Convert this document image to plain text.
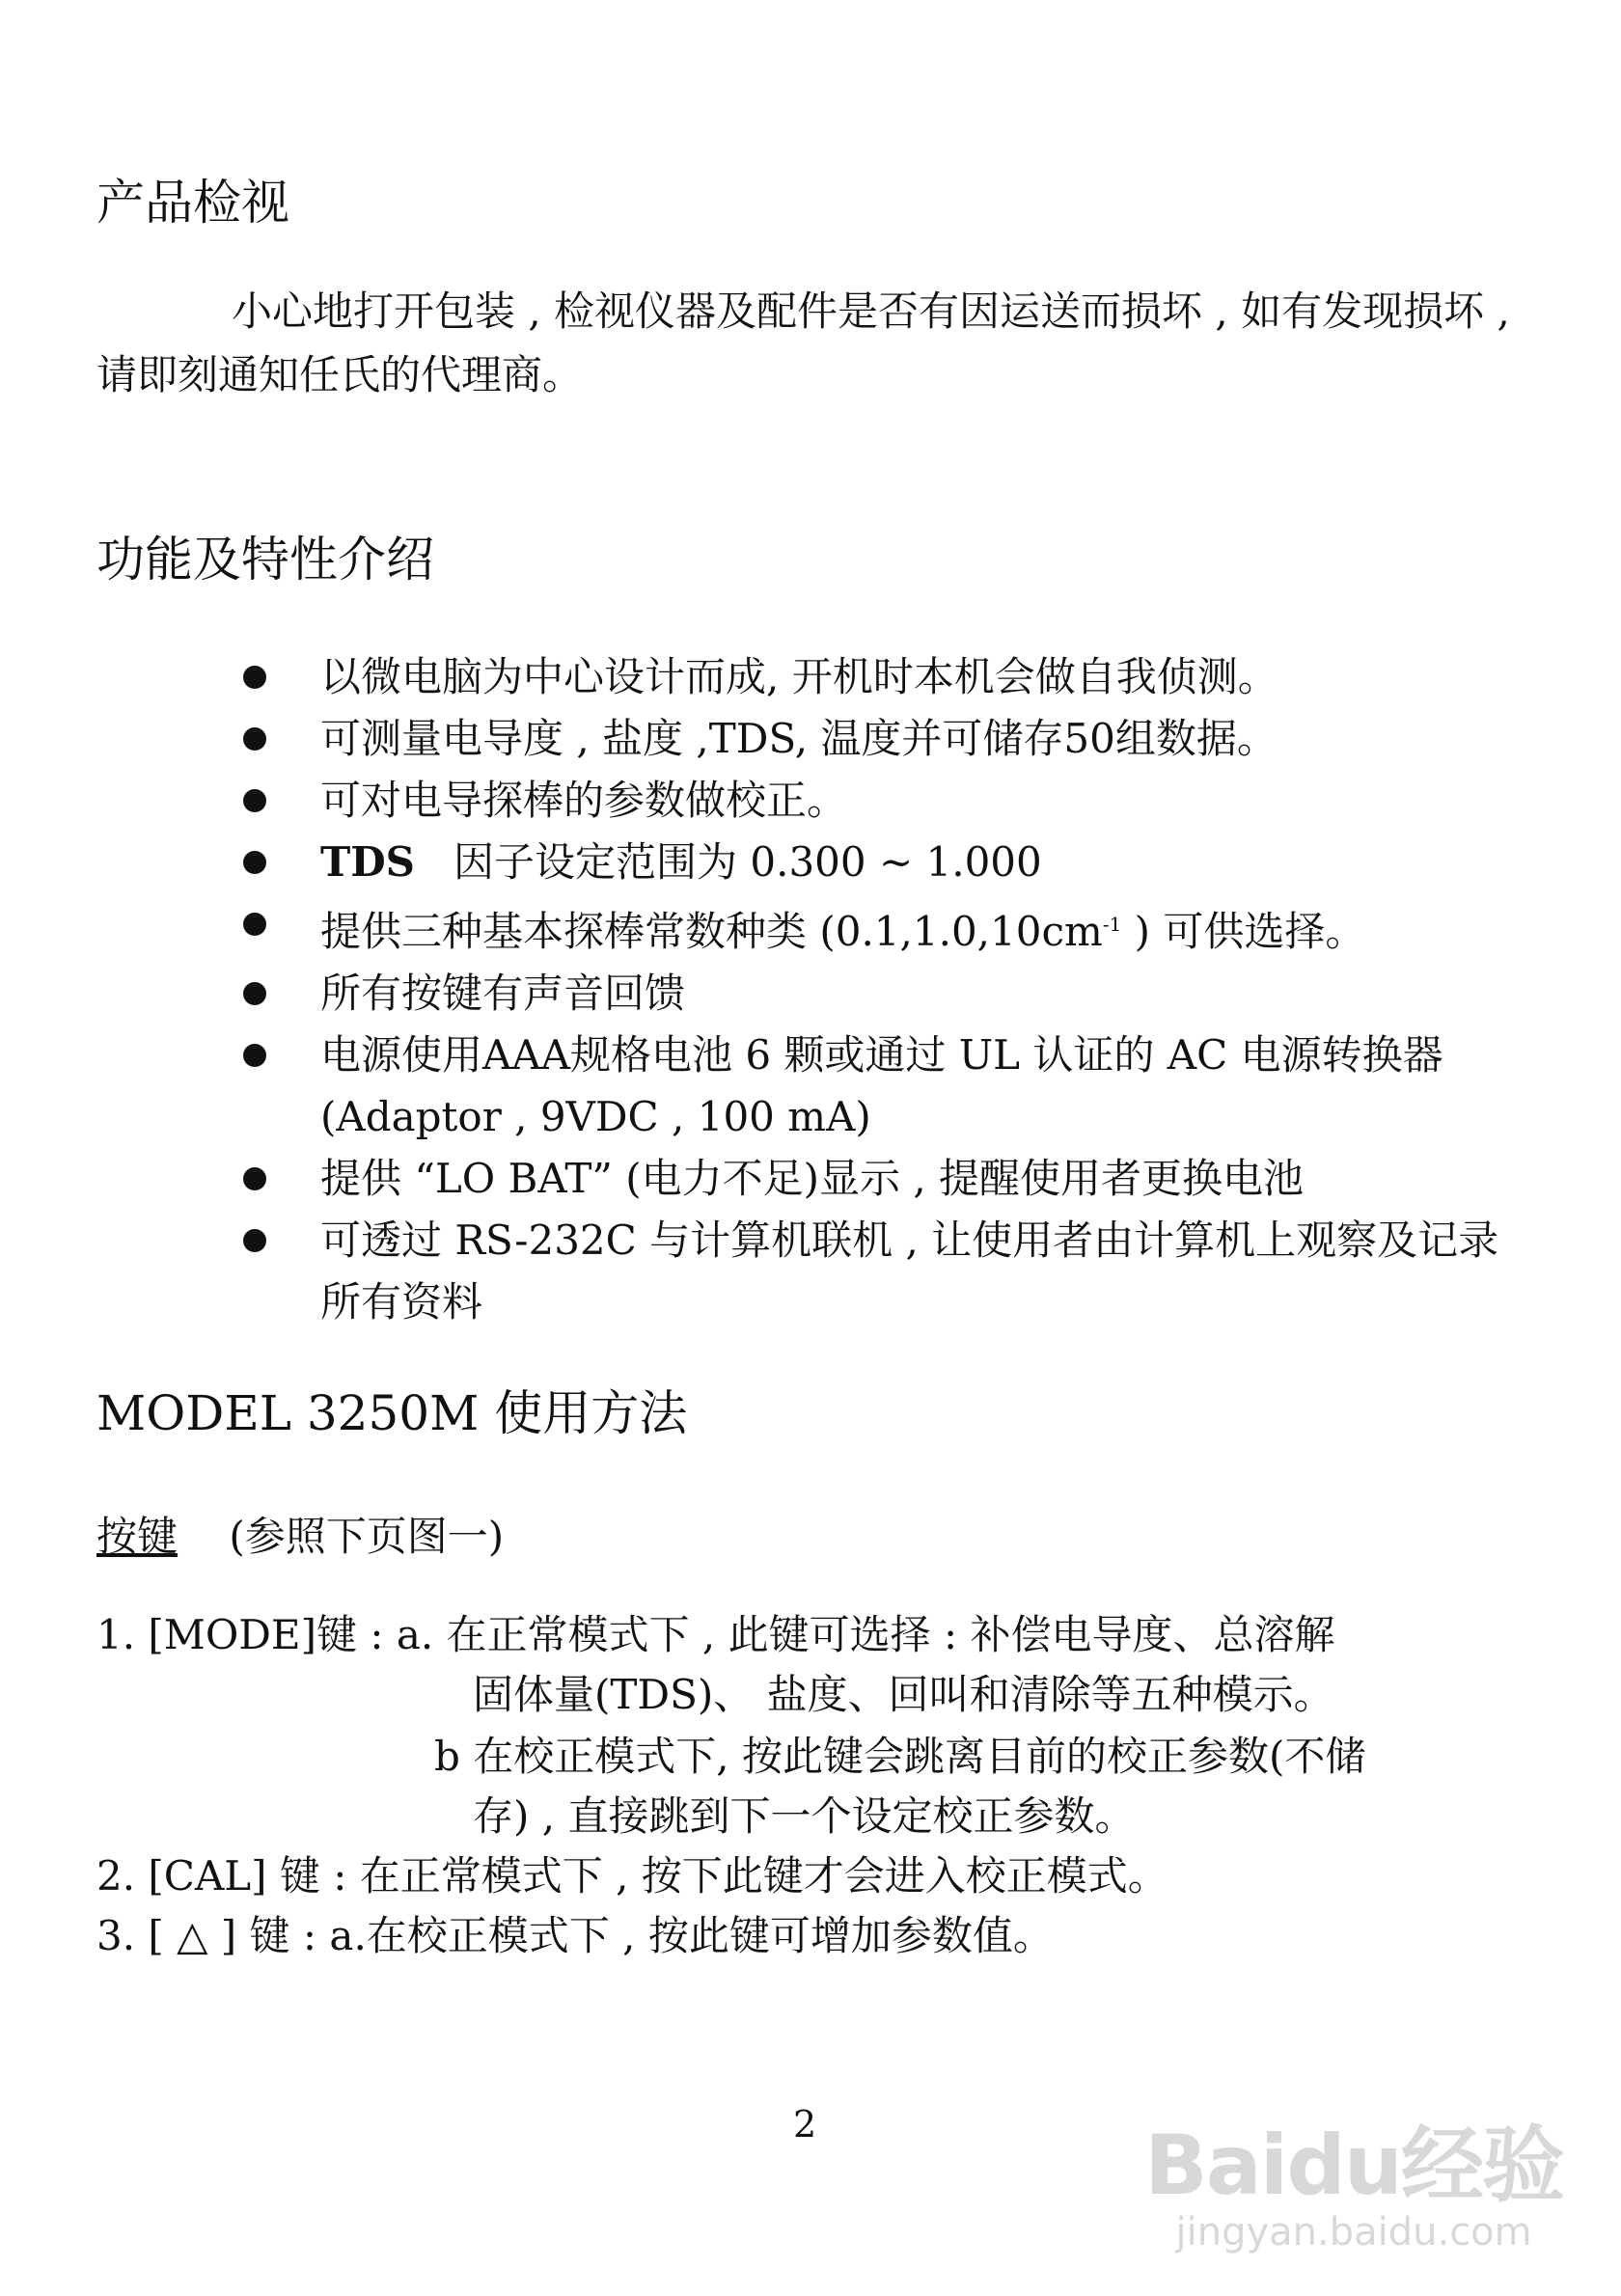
产品检视

小心地打开包装 , 检视仪器及配件是否有因运送而损坏 , 如有发现损坏 , 请即刻通知任氏的代理商。

功能及特性介绍
以微电脑为中心设计而成, 开机时本机会做自我侦测。
可测量电导度 , 盐度 ,TDS, 温度并可储存50组数据。
可对电导探棒的参数做校正。
TDS 因子设定范围为 0.300 ~ 1.000
提供三种基本探棒常数种类 ($0.1,1.0,10cm^{-1}$ ) 可供选择。
所有按键有声音回馈
电源使用AAA规格电池 6 颗或通过 UL 认证的 AC 电源转换器(Adaptor , 9VDC , 100 mA)
提供 “LO BAT” (电力不足)显示 , 提醒使用者更换电池
可透过 RS-232C 与计算机联机 , 让使用者由计算机上观察及记录所有资料
MODEL 3250M 使用方法
按键 (参照下页图一)
1. [MODE]键 : a. 在正常模式下 , 此键可选择 : 补偿电导度、总溶解
固体量(TDS)、 盐度、回叫和清除等五种模示。
b 在校正模式下, 按此键会跳离目前的校正参数(不储
存) , 直接跳到下一个设定校正参数。
2. [CAL] 键 : 在正常模式下 , 按下此键才会进入校正模式。
3. [ △ ] 键 : a.在校正模式下 , 按此键可增加参数值。
2	Baidu经验
jingyan.baidu.com
